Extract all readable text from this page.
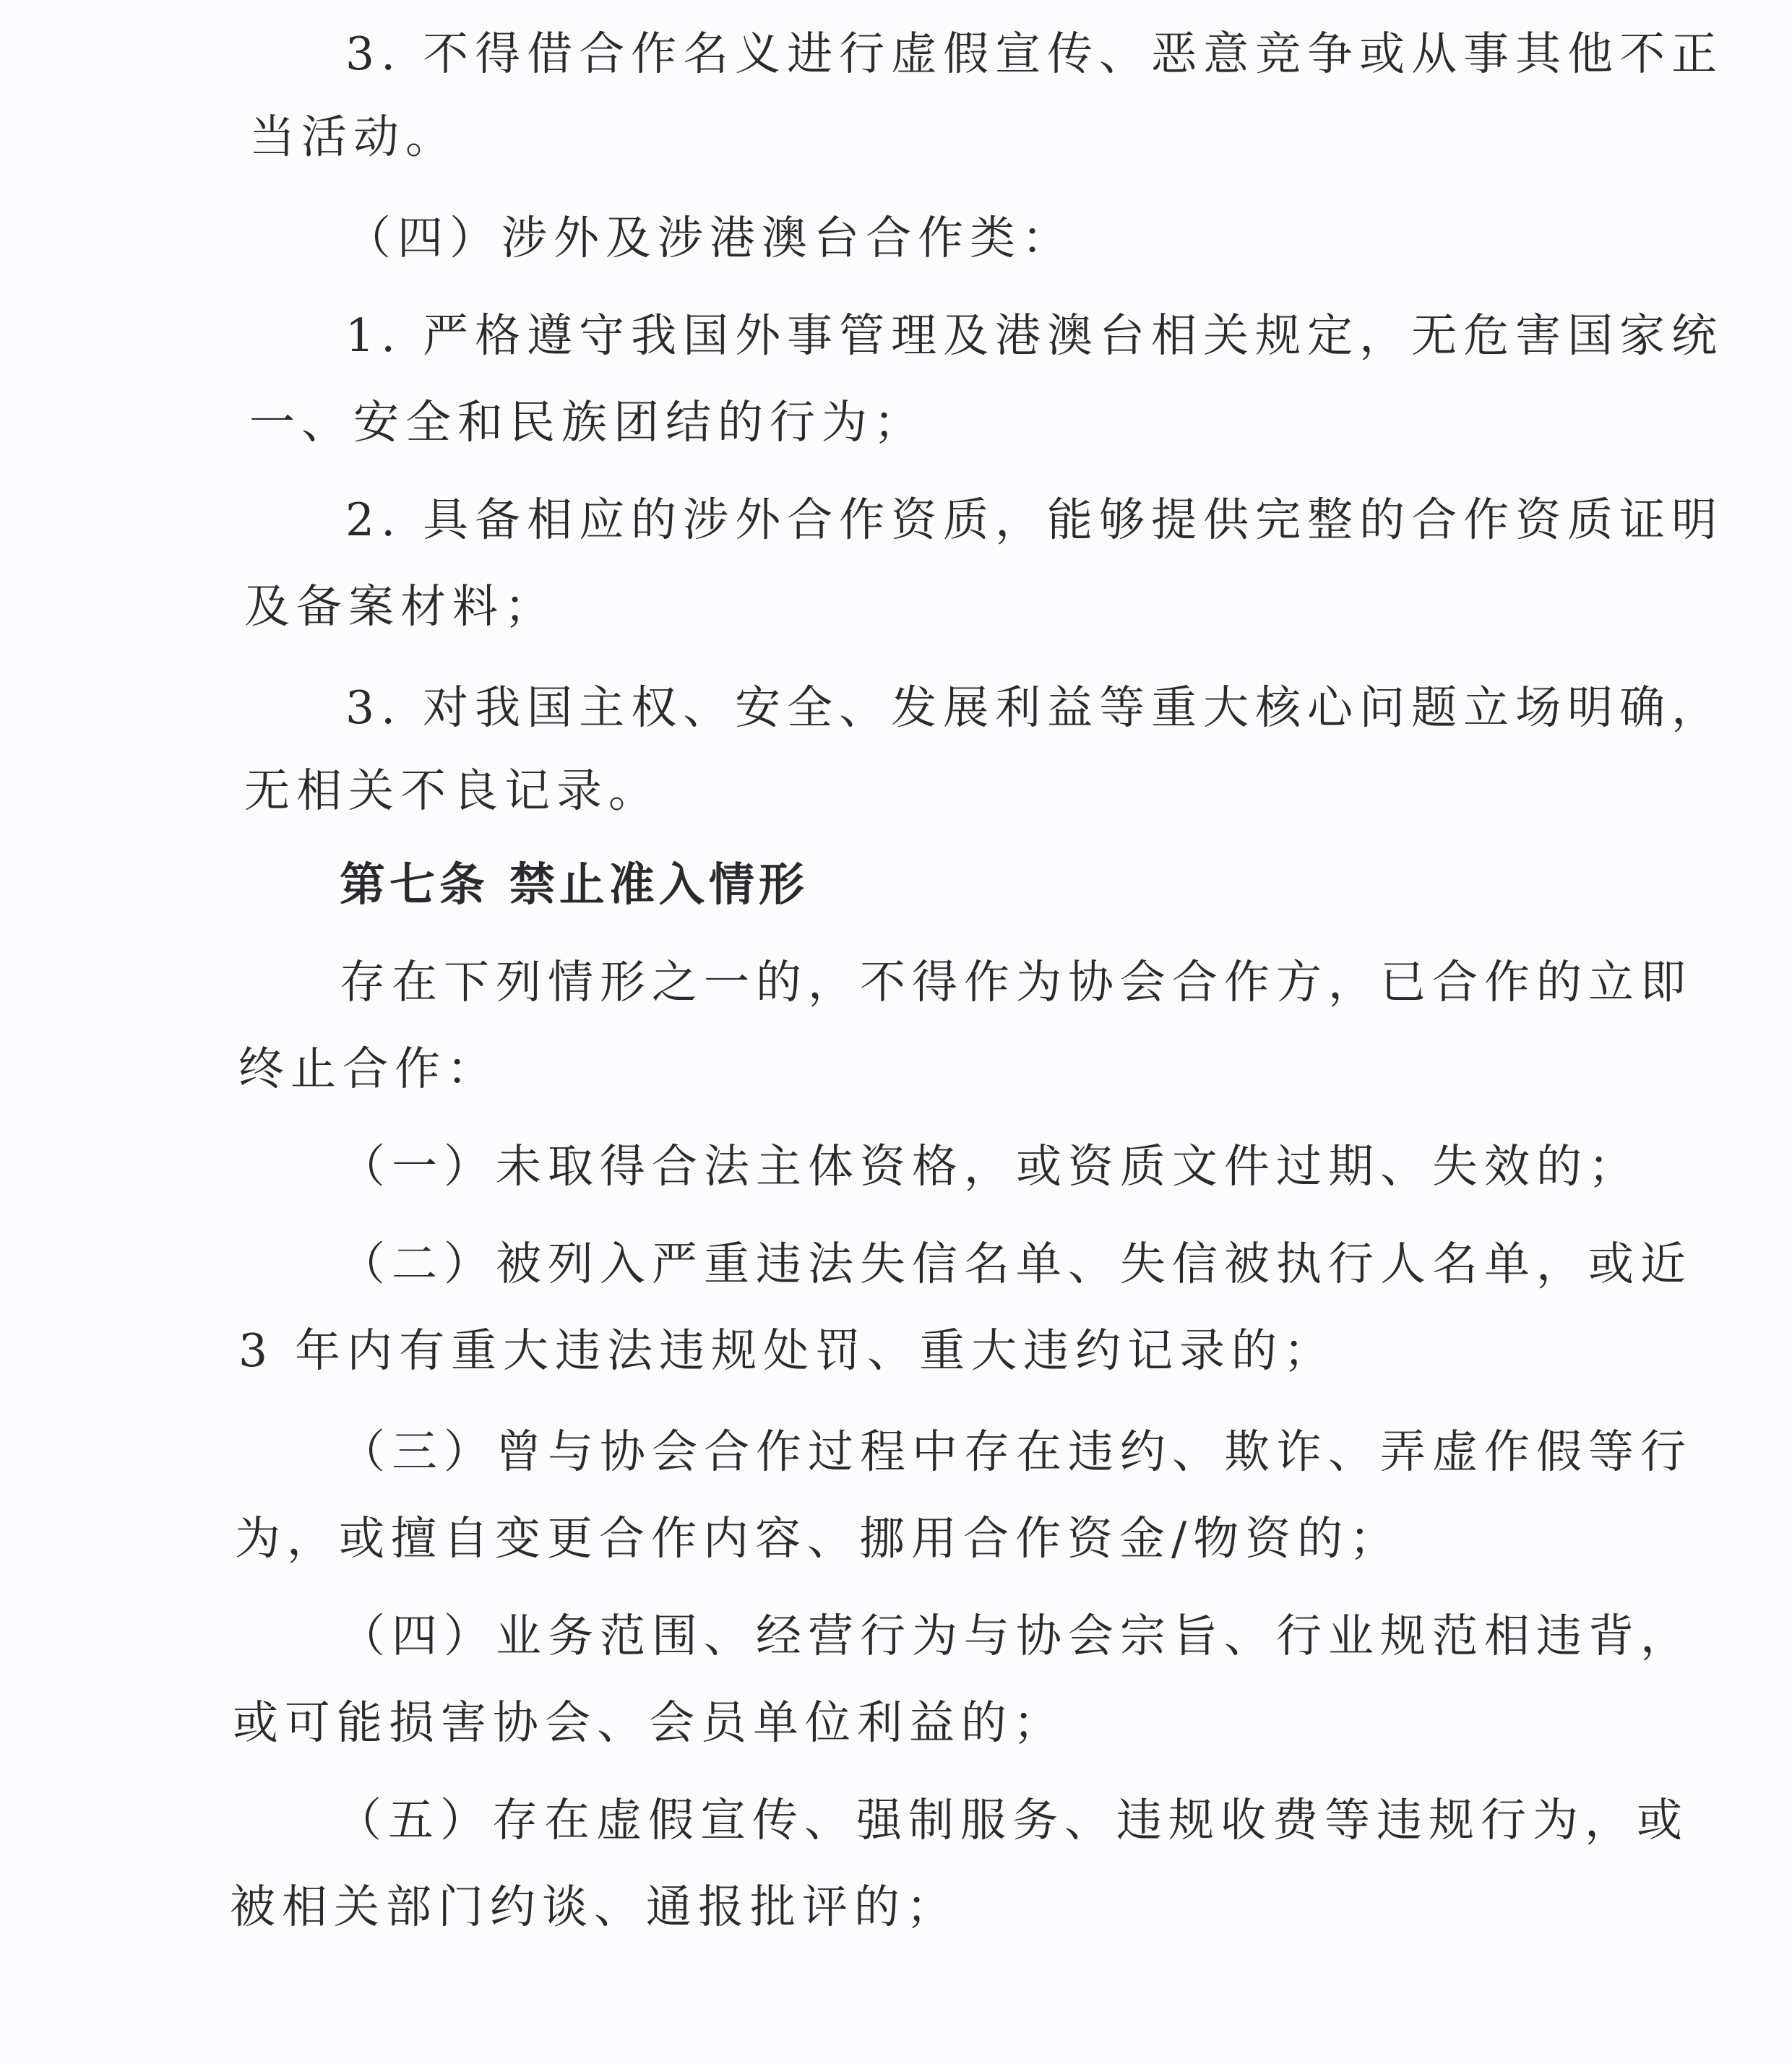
3. 不得借合作名义进行虚假宣传、恶意竞争或从事其他不正
当活动。
（四）涉外及涉港澳台合作类：
1. 严格遵守我国外事管理及港澳台相关规定，无危害国家统
一、安全和民族团结的行为；
2. 具备相应的涉外合作资质，能够提供完整的合作资质证明
及备案材料；
3. 对我国主权、安全、发展利益等重大核心问题立场明确，
无相关不良记录。
第七条 禁止准入情形
存在下列情形之一的，不得作为协会合作方，已合作的立即
终止合作：
（一）未取得合法主体资格，或资质文件过期、失效的；
（二）被列入严重违法失信名单、失信被执行人名单，或近
3 年内有重大违法违规处罚、重大违约记录的；
（三）曾与协会合作过程中存在违约、欺诈、弄虚作假等行
为，或擅自变更合作内容、挪用合作资金/物资的；
（四）业务范围、经营行为与协会宗旨、行业规范相违背，
或可能损害协会、会员单位利益的；
（五）存在虚假宣传、强制服务、违规收费等违规行为，或
被相关部门约谈、通报批评的；
